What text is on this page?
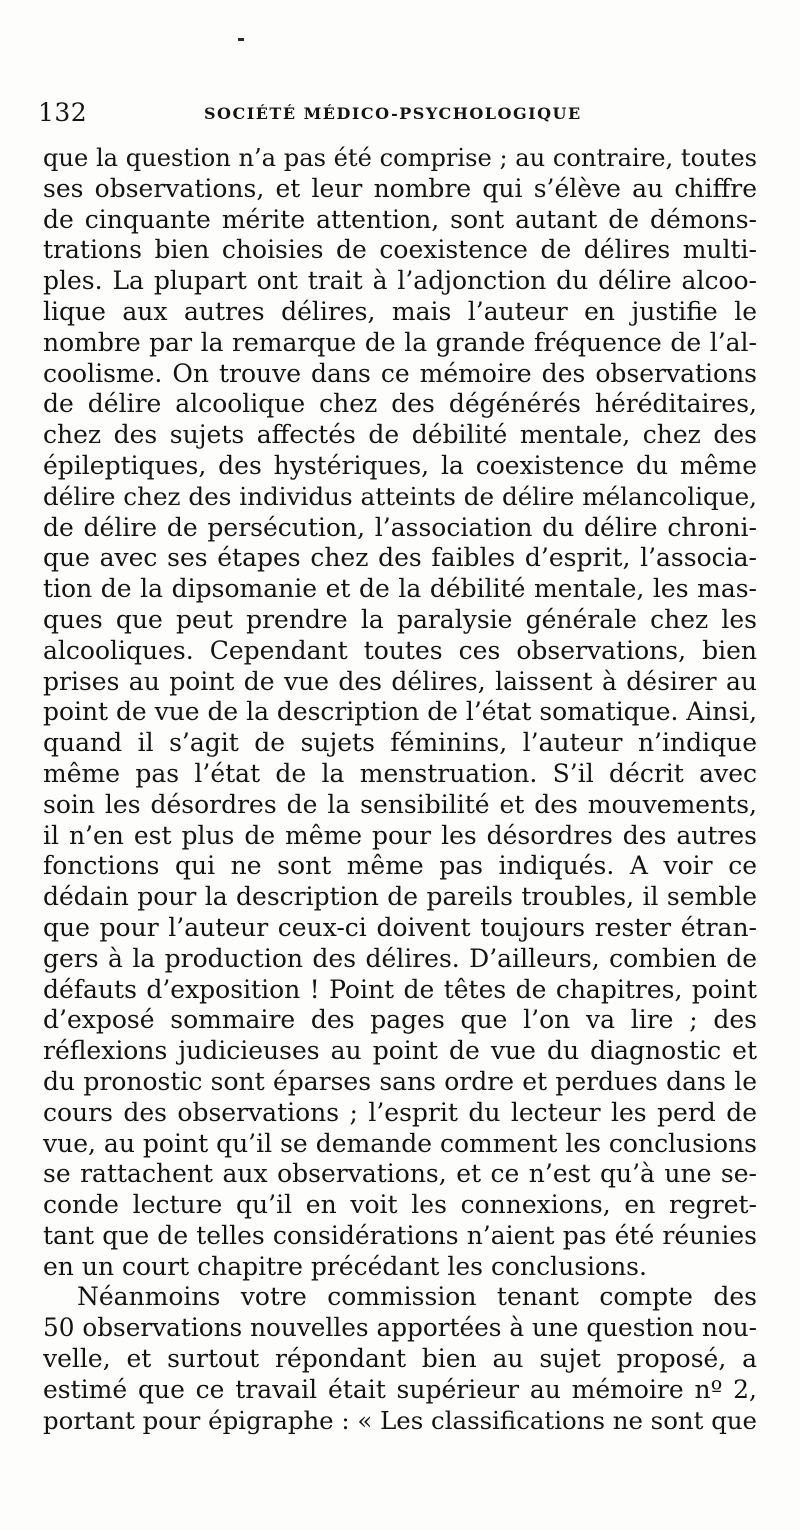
132	SOCIÉTÉ MÉDICO-PSYCHOLOGIQUE
que la question n’a pas été comprise ; au contraire, toutes
ses observations, et leur nombre qui s’élève au chiffre
de cinquante mérite attention, sont autant de démons-
trations bien choisies de coexistence de délires multi-
ples. La plupart ont trait à l’adjonction du délire alcoo-
lique aux autres délires, mais l’auteur en justifie le
nombre par la remarque de la grande fréquence de l’al-
coolisme. On trouve dans ce mémoire des observations
de délire alcoolique chez des dégénérés héréditaires,
chez des sujets affectés de débilité mentale, chez des
épileptiques, des hystériques, la coexistence du même
délire chez des individus atteints de délire mélancolique,
de délire de persécution, l’association du délire chroni-
que avec ses étapes chez des faibles d’esprit, l’associa-
tion de la dipsomanie et de la débilité mentale, les mas-
ques que peut prendre la paralysie générale chez les
alcooliques. Cependant toutes ces observations, bien
prises au point de vue des délires, laissent à désirer au
point de vue de la description de l’état somatique. Ainsi,
quand il s’agit de sujets féminins, l’auteur n’indique
même pas l’état de la menstruation. S’il décrit avec
soin les désordres de la sensibilité et des mouvements,
il n’en est plus de même pour les désordres des autres
fonctions qui ne sont même pas indiqués. A voir ce
dédain pour la description de pareils troubles, il semble
que pour l’auteur ceux-ci doivent toujours rester étran-
gers à la production des délires. D’ailleurs, combien de
défauts d’exposition ! Point de têtes de chapitres, point
d’exposé sommaire des pages que l’on va lire ; des
réflexions judicieuses au point de vue du diagnostic et
du pronostic sont éparses sans ordre et perdues dans le
cours des observations ; l’esprit du lecteur les perd de
vue, au point qu’il se demande comment les conclusions
se rattachent aux observations, et ce n’est qu’à une se-
conde lecture qu’il en voit les connexions, en regret-
tant que de telles considérations n’aient pas été réunies
en un court chapitre précédant les conclusions.
Néanmoins votre commission tenant compte des
50 observations nouvelles apportées à une question nou-
velle, et surtout répondant bien au sujet proposé, a
estimé que ce travail était supérieur au mémoire nº 2,
portant pour épigraphe : « Les classifications ne sont que
